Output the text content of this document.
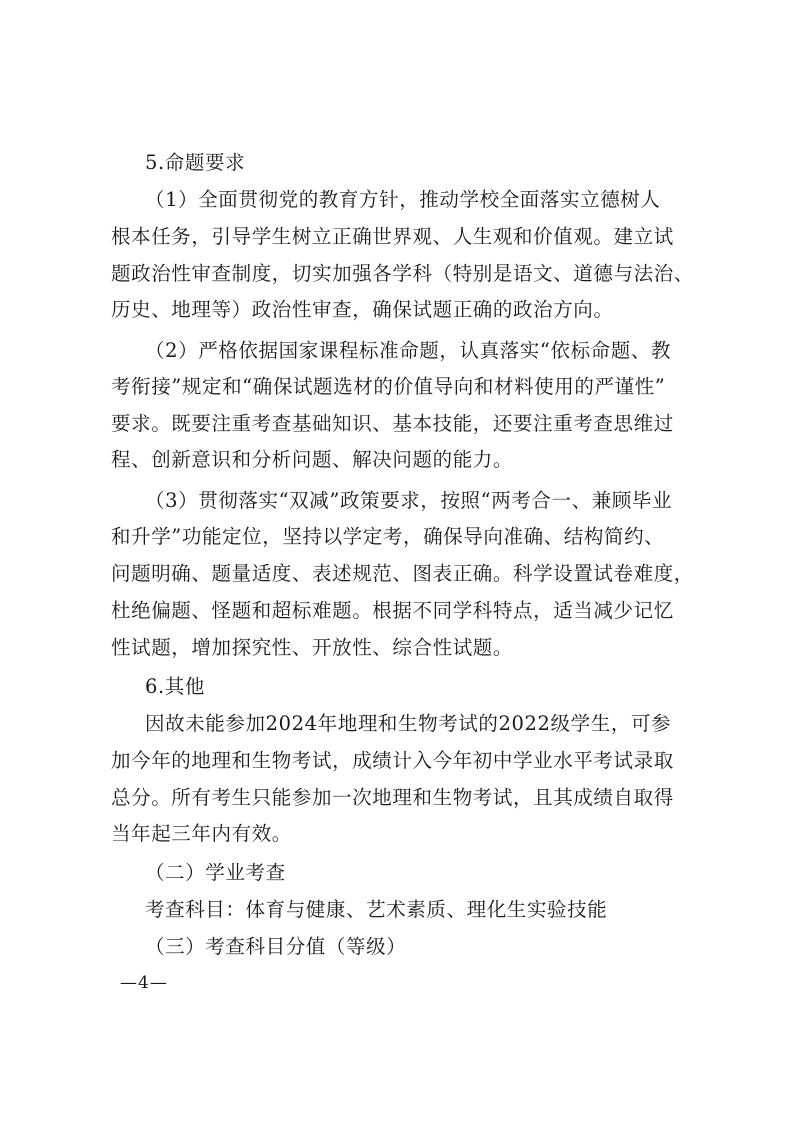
5.命题要求
（1）全面贯彻党的教育方针，推动学校全面落实立德树人
根本任务，引导学生树立正确世界观、人生观和价值观。建立试
题政治性审查制度，切实加强各学科（特别是语文、道德与法治、
历史、地理等）政治性审查，确保试题正确的政治方向。
（2）严格依据国家课程标准命题，认真落实“依标命题、教
考衔接”规定和“确保试题选材的价值导向和材料使用的严谨性”
要求。既要注重考查基础知识、基本技能，还要注重考查思维过
程、创新意识和分析问题、解决问题的能力。
（3）贯彻落实“双减”政策要求，按照“两考合一、兼顾毕业
和升学”功能定位，坚持以学定考，确保导向准确、结构简约、
问题明确、题量适度、表述规范、图表正确。科学设置试卷难度，
杜绝偏题、怪题和超标难题。根据不同学科特点，适当减少记忆
性试题，增加探究性、开放性、综合性试题。
6.其他
因故未能参加2024年地理和生物考试的2022级学生，可参
加今年的地理和生物考试，成绩计入今年初中学业水平考试录取
总分。所有考生只能参加一次地理和生物考试，且其成绩自取得
当年起三年内有效。
（二）学业考查
考查科目：体育与健康、艺术素质、理化生实验技能
（三）考查科目分值（等级）
—4—
